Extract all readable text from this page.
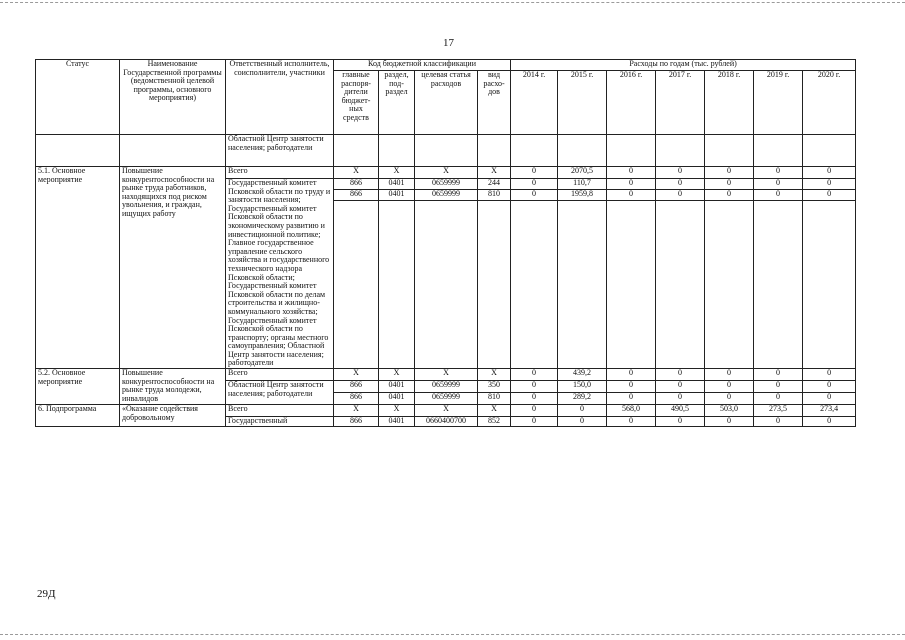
17
Статус	Наименование Государственной программы (ведомственной целевой программы, основного мероприятия)	Ответственный исполнитель, соисполнители, участники	Код бюджетной классификации				Расходы по годам (тыс. рублей)						
			главные распоря-дители бюджет-ных средств	раздел, под-раздел	целевая статья расходов	вид расхо-дов	2014 г.	2015 г.	2016 г.	2017 г.	2018 г.	2019 г.	2020 г.
		Областной Центр занятости населения; работодатели											
5.1. Основное мероприятие	Повышение конкурентоспособности на рынке труда работников, находящихся под риском увольнения, и граждан, ищущих работу	Всего	X	X	X	X	0	2070,5	0	0	0	0	0
		Государственный комитет Псковской области по труду и занятости населения; Государственный комитет Псковской области по экономическому развитию и инвестиционной политике; Главное государственное управление сельского хозяйства и государственного технического надзора Псковской области; Государственный комитет Псковской области по делам строительства и жилищно-коммунального хозяйства; Государственный комитет Псковской области по транспорту; органы местного самоуправления; Областной Центр занятости населения; работодатели	866	0401	0659999	244	0	110,7	0	0	0	0	0
			866	0401	0659999	810	0	1959,8	0	0	0	0	0

5.2. Основное мероприятие	Повышение конкурентоспособности на рынке труда молодежи, инвалидов	Всего	X	X	X	X	0	439,2	0	0	0	0	0
		Областной Центр занятости населения; работодатели	866	0401	0659999	350	0	150,0	0	0	0	0	0
			866	0401	0659999	810	0	289,2	0	0	0	0	0
6. Подпрограмма	«Оказание содействия добровольному	Всего	X	X	X	X	0	0	568,0	490,5	503,0	273,5	273,4
		Государственный	866	0401	0660400700	852	0	0	0	0	0	0	0
29Д
